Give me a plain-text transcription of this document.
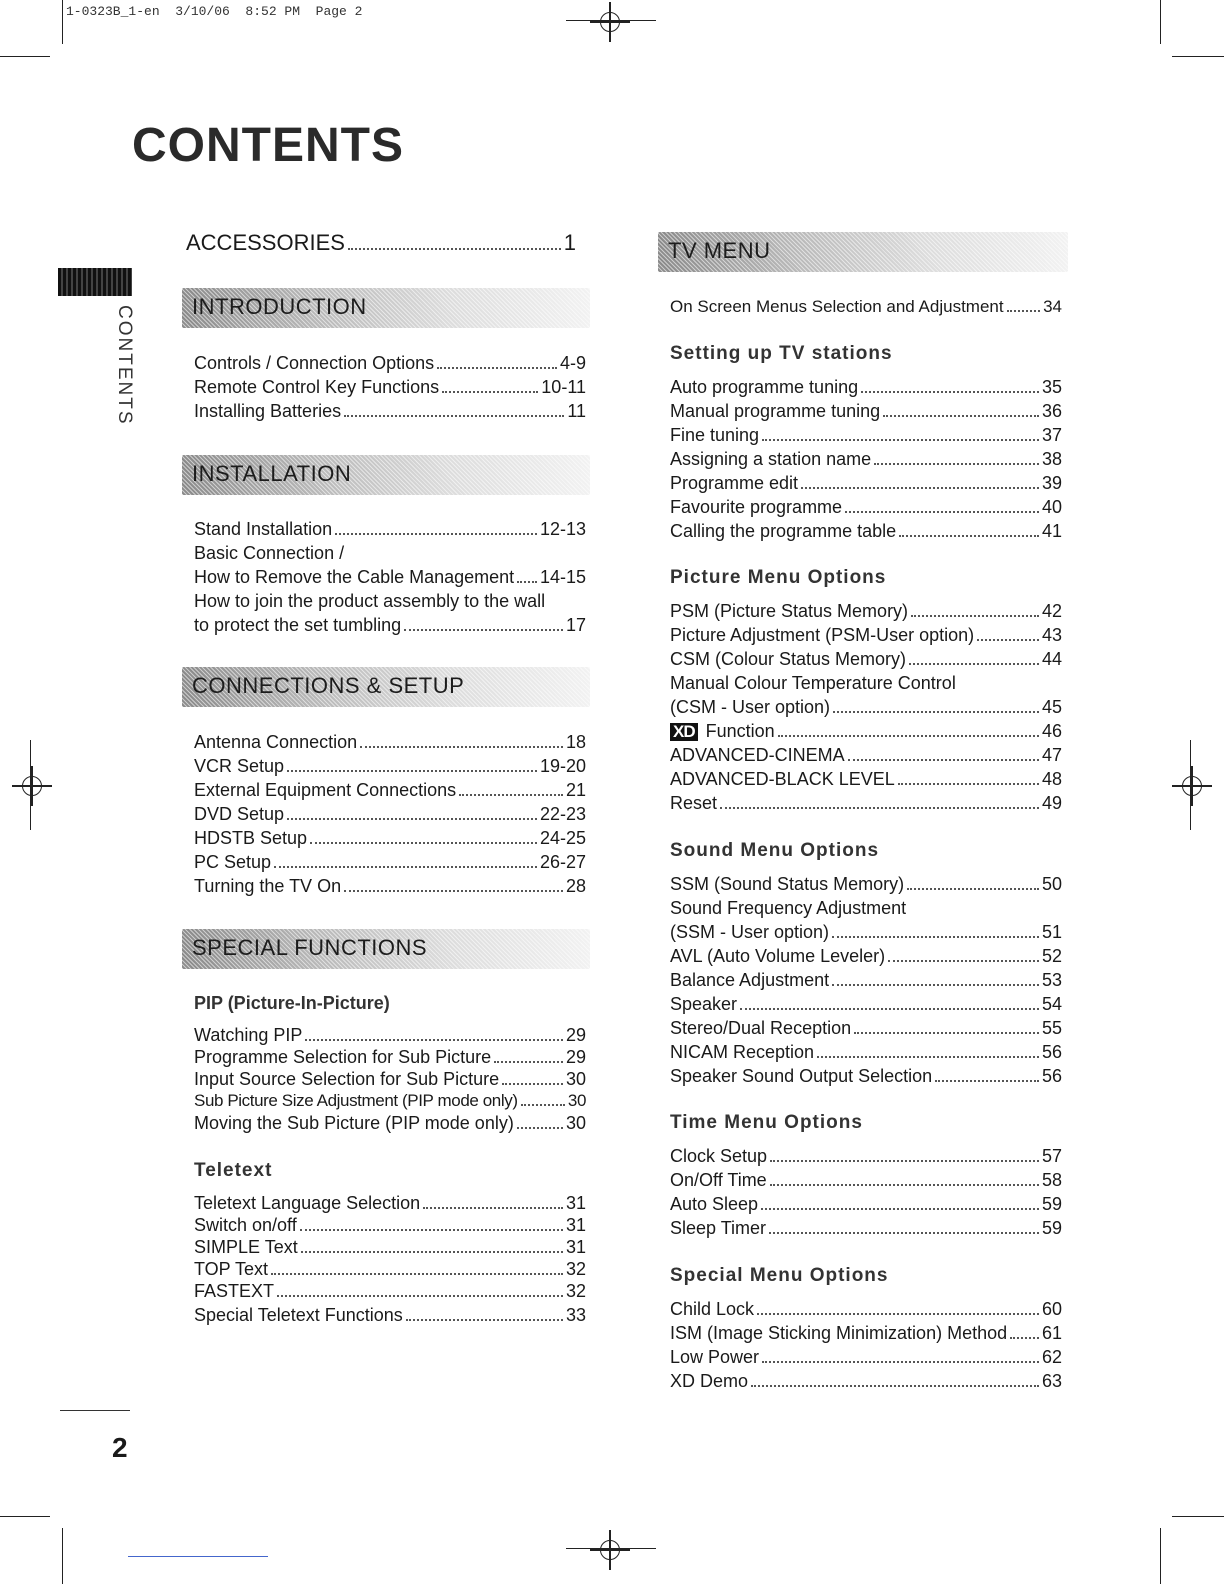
1-0323B_1-en  3/10/06  8:52 PM  Page 2
CONTENTS
CONTENTS
ACCESSORIES	1
INTRODUCTION
Controls / Connection Options	4-9
Remote Control Key Functions	10-11
Installing Batteries	11
INSTALLATION
Stand Installation	12-13
Basic Connection /
How to Remove the Cable Management 14-15
How to join the product assembly to the wall
to protect the set tumbling	17
CONNECTIONS & SETUP
Antenna Connection	18
VCR Setup	19-20
External Equipment Connections	21
DVD Setup	22-23
HDSTB Setup	24-25
PC Setup	26-27
Turning the TV On	28
SPECIAL FUNCTIONS
PIP (Picture-In-Picture)
Watching PIP	29
Programme Selection for Sub Picture	29
Input Source Selection for Sub Picture	30
Sub Picture Size Adjustment (PIP mode only)	30
Moving the Sub Picture (PIP mode only)	30
Teletext
Teletext Language Selection	31
Switch on/off	31
SIMPLE Text	31
TOP Text	32
FASTEXT	32
Special Teletext Functions	33
TV MENU
On Screen Menus Selection and Adjustment 34
Setting up TV stations
Auto programme tuning	35
Manual programme tuning	36
Fine tuning	37
Assigning a station name	38
Programme edit	39
Favourite programme	40
Calling the programme table	41
Picture Menu Options
PSM (Picture Status Memory)	42
Picture Adjustment (PSM-User option)	43
CSM (Colour Status Memory)	44
Manual Colour Temperature Control
(CSM - User option)	45
XD Function	46
ADVANCED-CINEMA	47
ADVANCED-BLACK LEVEL	48
Reset	49
Sound Menu Options
SSM (Sound Status Memory)	50
Sound Frequency Adjustment
(SSM - User option)	51
AVL (Auto Volume Leveler)	52
Balance Adjustment	53
Speaker	54
Stereo/Dual Reception	55
NICAM Reception	56
Speaker Sound Output Selection	56
Time Menu Options
Clock Setup	57
On/Off Time	58
Auto Sleep	59
Sleep Timer	59
Special Menu Options
Child Lock	60
ISM (Image Sticking Minimization) Method 61
Low Power	62
XD Demo	63
2
